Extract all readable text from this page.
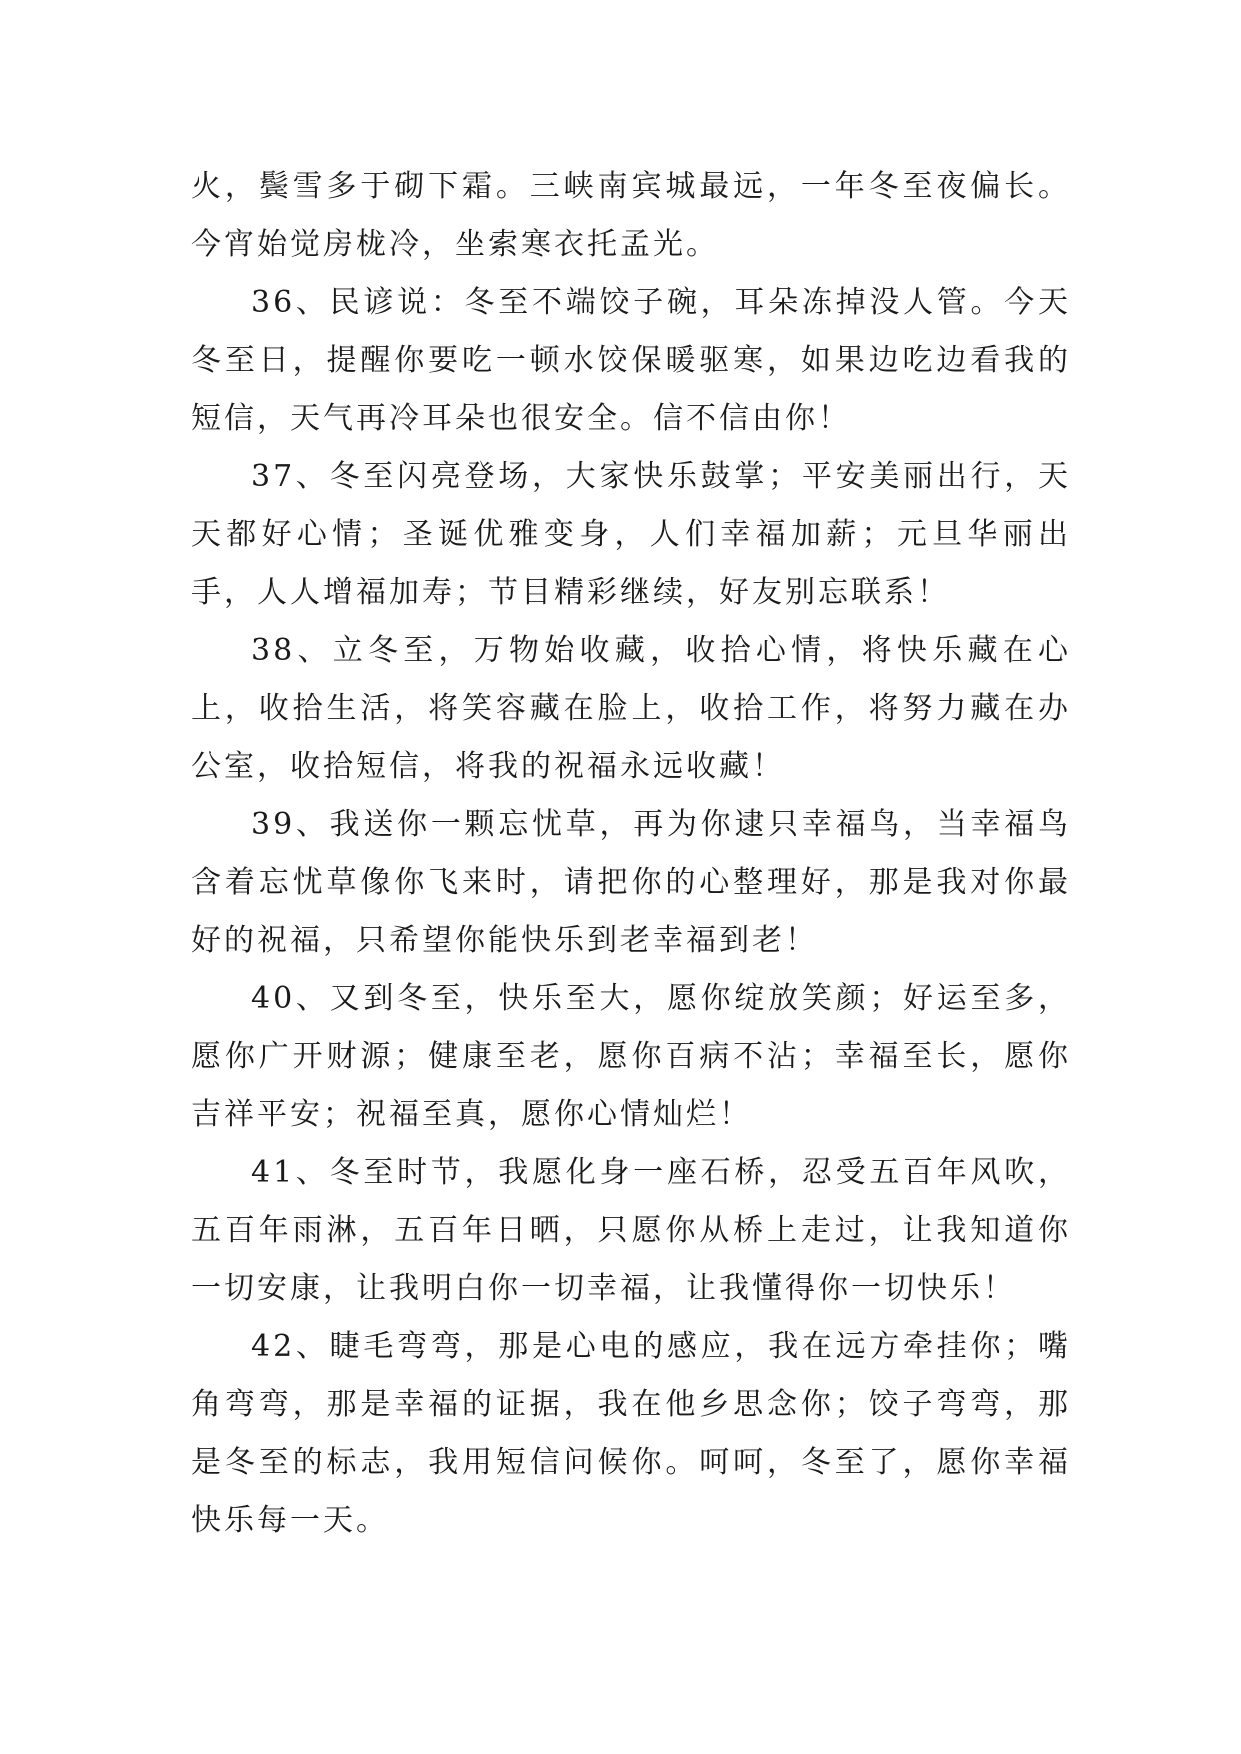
火，鬓雪多于砌下霜。三峡南宾城最远，一年冬至夜偏长。今宵始觉房栊冷，坐索寒衣托孟光。

36、民谚说：冬至不端饺子碗，耳朵冻掉没人管。今天冬至日，提醒你要吃一顿水饺保暖驱寒，如果边吃边看我的短信，天气再冷耳朵也很安全。信不信由你！

37、冬至闪亮登场，大家快乐鼓掌；平安美丽出行，天天都好心情；圣诞优雅变身，人们幸福加薪；元旦华丽出手，人人增福加寿；节目精彩继续，好友别忘联系！

38、立冬至，万物始收藏，收拾心情，将快乐藏在心上，收拾生活，将笑容藏在脸上，收拾工作，将努力藏在办公室，收拾短信，将我的祝福永远收藏！

39、我送你一颗忘忧草，再为你逮只幸福鸟，当幸福鸟含着忘忧草像你飞来时，请把你的心整理好，那是我对你最好的祝福，只希望你能快乐到老幸福到老！

40、又到冬至，快乐至大，愿你绽放笑颜；好运至多，愿你广开财源；健康至老，愿你百病不沾；幸福至长，愿你吉祥平安；祝福至真，愿你心情灿烂！

41、冬至时节，我愿化身一座石桥，忍受五百年风吹，五百年雨淋，五百年日晒，只愿你从桥上走过，让我知道你一切安康，让我明白你一切幸福，让我懂得你一切快乐！

42、睫毛弯弯，那是心电的感应，我在远方牵挂你；嘴角弯弯，那是幸福的证据，我在他乡思念你；饺子弯弯，那是冬至的标志，我用短信问候你。呵呵，冬至了，愿你幸福快乐每一天。
